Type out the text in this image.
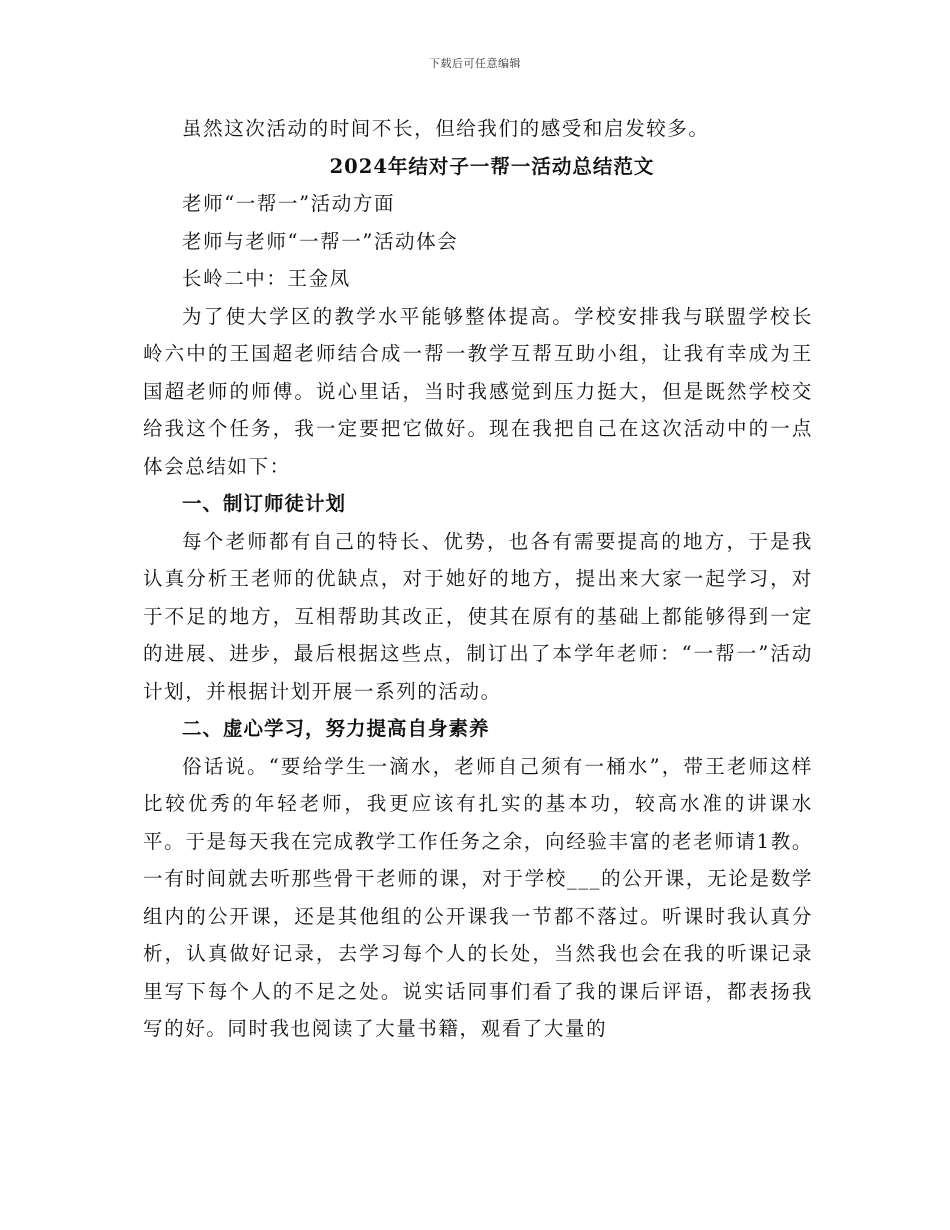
下载后可任意编辑

虽然这次活动的时间不长，但给我们的感受和启发较多。

2024年结对子一帮一活动总结范文

老师“一帮一”活动方面

老师与老师“一帮一”活动体会

长岭二中：王金凤

为了使大学区的教学水平能够整体提高。学校安排我与联盟学校长岭六中的王国超老师结合成一帮一教学互帮互助小组，让我有幸成为王国超老师的师傅。说心里话，当时我感觉到压力挺大，但是既然学校交给我这个任务，我一定要把它做好。现在我把自己在这次活动中的一点体会总结如下：

一、制订师徒计划

每个老师都有自己的特长、优势，也各有需要提高的地方，于是我认真分析王老师的优缺点，对于她好的地方，提出来大家一起学习，对于不足的地方，互相帮助其改正，使其在原有的基础上都能够得到一定的进展、进步，最后根据这些点，制订出了本学年老师：“一帮一”活动计划，并根据计划开展一系列的活动。

二、虚心学习，努力提高自身素养

俗话说。“要给学生一滴水，老师自己须有一桶水”，带王老师这样比较优秀的年轻老师，我更应该有扎实的基本功，较高水准的讲课水平。于是每天我在完成教学工作任务之余，向经验丰富的老老师请1教。一有时间就去听那些骨干老师的课，对于学校___的公开课，无论是数学组内的公开课，还是其他组的公开课我一节都不落过。听课时我认真分析，认真做好记录，去学习每个人的长处，当然我也会在我的听课记录里写下每个人的不足之处。说实话同事们看了我的课后评语，都表扬我写的好。同时我也阅读了大量书籍，观看了大量的
